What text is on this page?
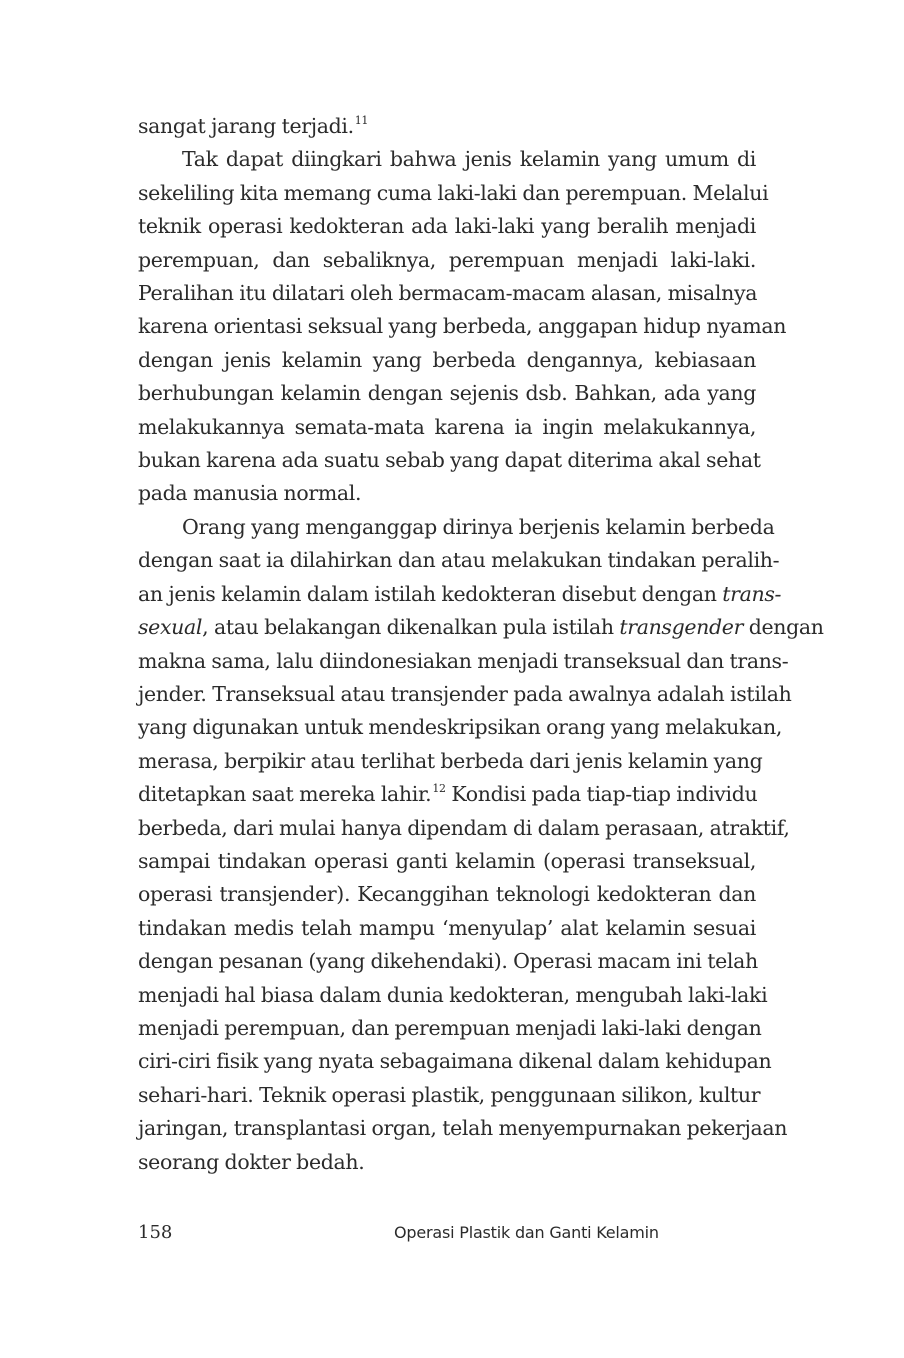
sangat jarang terjadi.$^{11}$

Tak dapat diingkari bahwa jenis kelamin yang umum di
sekeliling kita memang cuma laki-laki dan perempuan. Melalui
teknik operasi kedokteran ada laki-laki yang beralih menjadi
perempuan, dan sebaliknya, perempuan menjadi laki-laki.
Peralihan itu dilatari oleh bermacam-macam alasan, misalnya
karena orientasi seksual yang berbeda, anggapan hidup nyaman
dengan jenis kelamin yang berbeda dengannya, kebiasaan
berhubungan kelamin dengan sejenis dsb. Bahkan, ada yang
melakukannya semata-mata karena ia ingin melakukannya,
bukan karena ada suatu sebab yang dapat diterima akal sehat
pada manusia normal.

Orang yang menganggap dirinya berjenis kelamin berbeda
dengan saat ia dilahirkan dan atau melakukan tindakan peralih-
an jenis kelamin dalam istilah kedokteran disebut dengan trans-
sexual, atau belakangan dikenalkan pula istilah transgender dengan
makna sama, lalu diindonesiakan menjadi transeksual dan trans-
jender. Transeksual atau transjender pada awalnya adalah istilah
yang digunakan untuk mendeskripsikan orang yang melakukan,
merasa, berpikir atau terlihat berbeda dari jenis kelamin yang
ditetapkan saat mereka lahir.$^{12}$ Kondisi pada tiap-tiap individu
berbeda, dari mulai hanya dipendam di dalam perasaan, atraktif,
sampai tindakan operasi ganti kelamin (operasi transeksual,
operasi transjender). Kecanggihan teknologi kedokteran dan
tindakan medis telah mampu ‘menyulap’ alat kelamin sesuai
dengan pesanan (yang dikehendaki). Operasi macam ini telah
menjadi hal biasa dalam dunia kedokteran, mengubah laki-laki
menjadi perempuan, dan perempuan menjadi laki-laki dengan
ciri-ciri fisik yang nyata sebagaimana dikenal dalam kehidupan
sehari-hari. Teknik operasi plastik, penggunaan silikon, kultur
jaringan, transplantasi organ, telah menyempurnakan pekerjaan
seorang dokter bedah.

158	Operasi Plastik dan Ganti Kelamin
